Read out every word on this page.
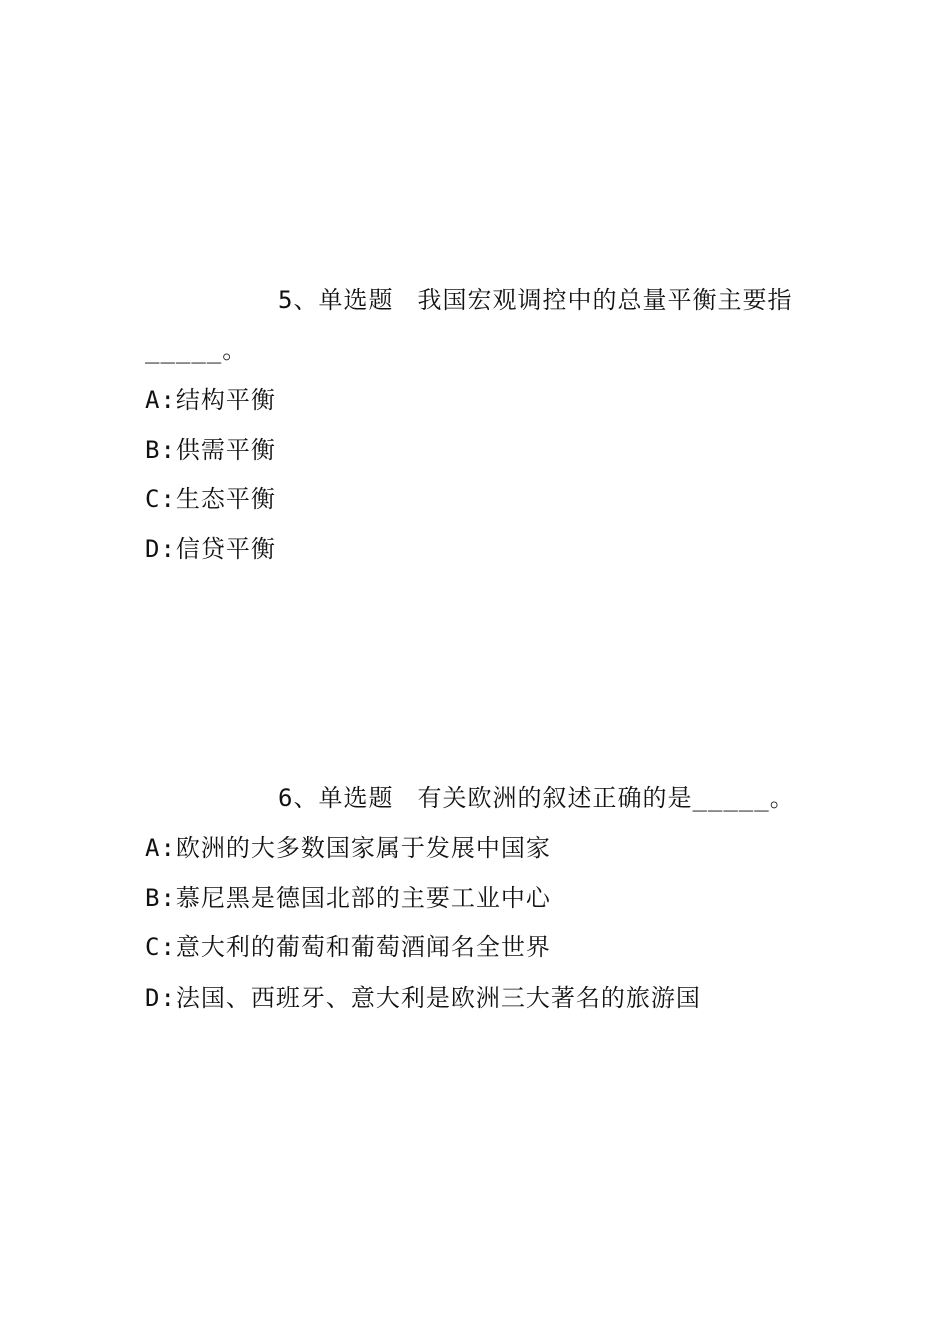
5、单选题 我国宏观调控中的总量平衡主要指
_____。
A:结构平衡
B:供需平衡
C:生态平衡
D:信贷平衡
6、单选题 有关欧洲的叙述正确的是_____。
A:欧洲的大多数国家属于发展中国家
B:慕尼黑是德国北部的主要工业中心
C:意大利的葡萄和葡萄酒闻名全世界
D:法国、西班牙、意大利是欧洲三大著名的旅游国
